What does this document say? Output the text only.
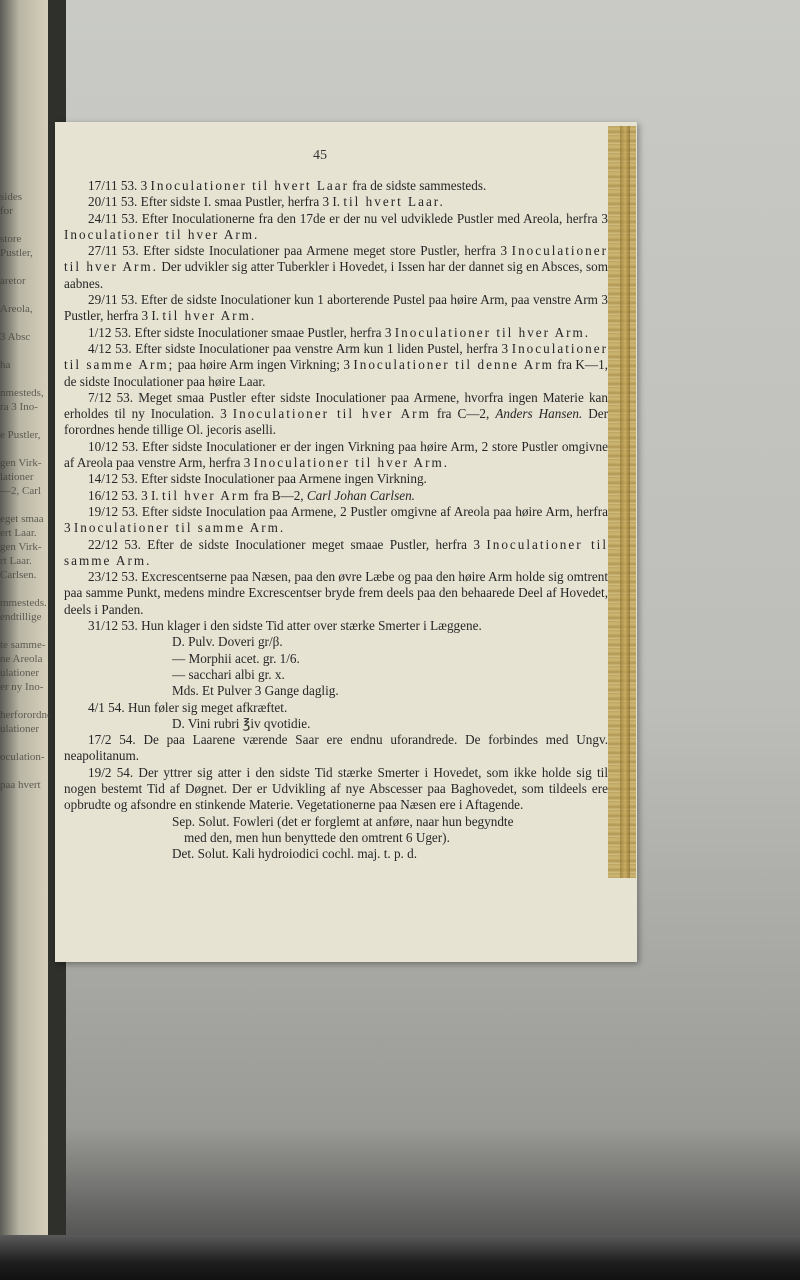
sides
for

store
Pustler,

aretor

Areola,

3 Absc

ha

nmesteds,
ra 3 Ino-

e Pustler,

gen Virk-
lationer
—2, Carl

eget smaa
ert Laar.
gen Virk-
rt Laar.
Carlsen.

mmesteds.
endtillige

te samme-
ne Areola
ulationer
er ny Ino-

herforordne
ulationer

oculation-

paa hvert
45

17/11 53. 3 Inoculationer til hvert Laar fra de sidste sammesteds.

20/11 53. Efter sidste I. smaa Pustler, herfra 3 I. til hvert Laar.

24/11 53. Efter Inoculationerne fra den 17de er der nu vel udviklede Pustler med Areola, herfra 3 Inoculationer til hver Arm.

27/11 53. Efter sidste Inoculationer paa Armene meget store Pustler, herfra 3 Inoculationer til hver Arm. Der udvikler sig atter Tuberkler i Hovedet, i Issen har der dannet sig en Absces, som aabnes.

29/11 53. Efter de sidste Inoculationer kun 1 aborterende Pustel paa høire Arm, paa venstre Arm 3 Pustler, herfra 3 I. til hver Arm.

1/12 53. Efter sidste Inoculationer smaae Pustler, herfra 3 Inoculationer til hver Arm.

4/12 53. Efter sidste Inoculationer paa venstre Arm kun 1 liden Pustel, herfra 3 Inoculationer til samme Arm; paa høire Arm ingen Virkning; 3 Inoculationer til denne Arm fra K—1, de sidste Inoculationer paa høire Laar.

7/12 53. Meget smaa Pustler efter sidste Inoculationer paa Armene, hvorfra ingen Materie kan erholdes til ny Inoculation. 3 Inoculationer til hver Arm fra C—2, Anders Hansen. Der forordnes hende tillige Ol. jecoris aselli.

10/12 53. Efter sidste Inoculationer er der ingen Virkning paa høire Arm, 2 store Pustler omgivne af Areola paa venstre Arm, herfra 3 Inoculationer til hver Arm.

14/12 53. Efter sidste Inoculationer paa Armene ingen Virkning.

16/12 53. 3 I. til hver Arm fra B—2, Carl Johan Carlsen.

19/12 53. Efter sidste Inoculation paa Armene, 2 Pustler omgivne af Areola paa høire Arm, herfra 3 Inoculationer til samme Arm.

22/12 53. Efter de sidste Inoculationer meget smaae Pustler, herfra 3 Inoculationer til samme Arm.

23/12 53. Excrescentserne paa Næsen, paa den øvre Læbe og paa den høire Arm holde sig omtrent paa samme Punkt, medens mindre Excrescentser bryde frem deels paa den behaarede Deel af Hovedet, deels i Panden.

31/12 53. Hun klager i den sidste Tid atter over stærke Smerter i Læggene.

D. Pulv. Doveri gr/β.
— Morphii acet. gr. 1/6.
— sacchari albi gr. x.
Mds. Et Pulver 3 Gange daglig.

4/1 54. Hun føler sig meget afkræftet.

D. Vini rubri ℥iv qvotidie.

17/2 54. De paa Laarene værende Saar ere endnu uforandrede. De forbindes med Ungv. neapolitanum.

19/2 54. Der yttrer sig atter i den sidste Tid stærke Smerter i Hovedet, som ikke holde sig til nogen bestemt Tid af Døgnet. Der er Udvikling af nye Abscesser paa Baghovedet, som tildeels ere opbrudte og afsondre en stinkende Materie. Vegetationerne paa Næsen ere i Aftagende.

Sep. Solut. Fowleri (det er forglemt at anføre, naar hun begyndte
med den, men hun benyttede den omtrent 6 Uger).
Det. Solut. Kali hydroiodici cochl. maj. t. p. d.
